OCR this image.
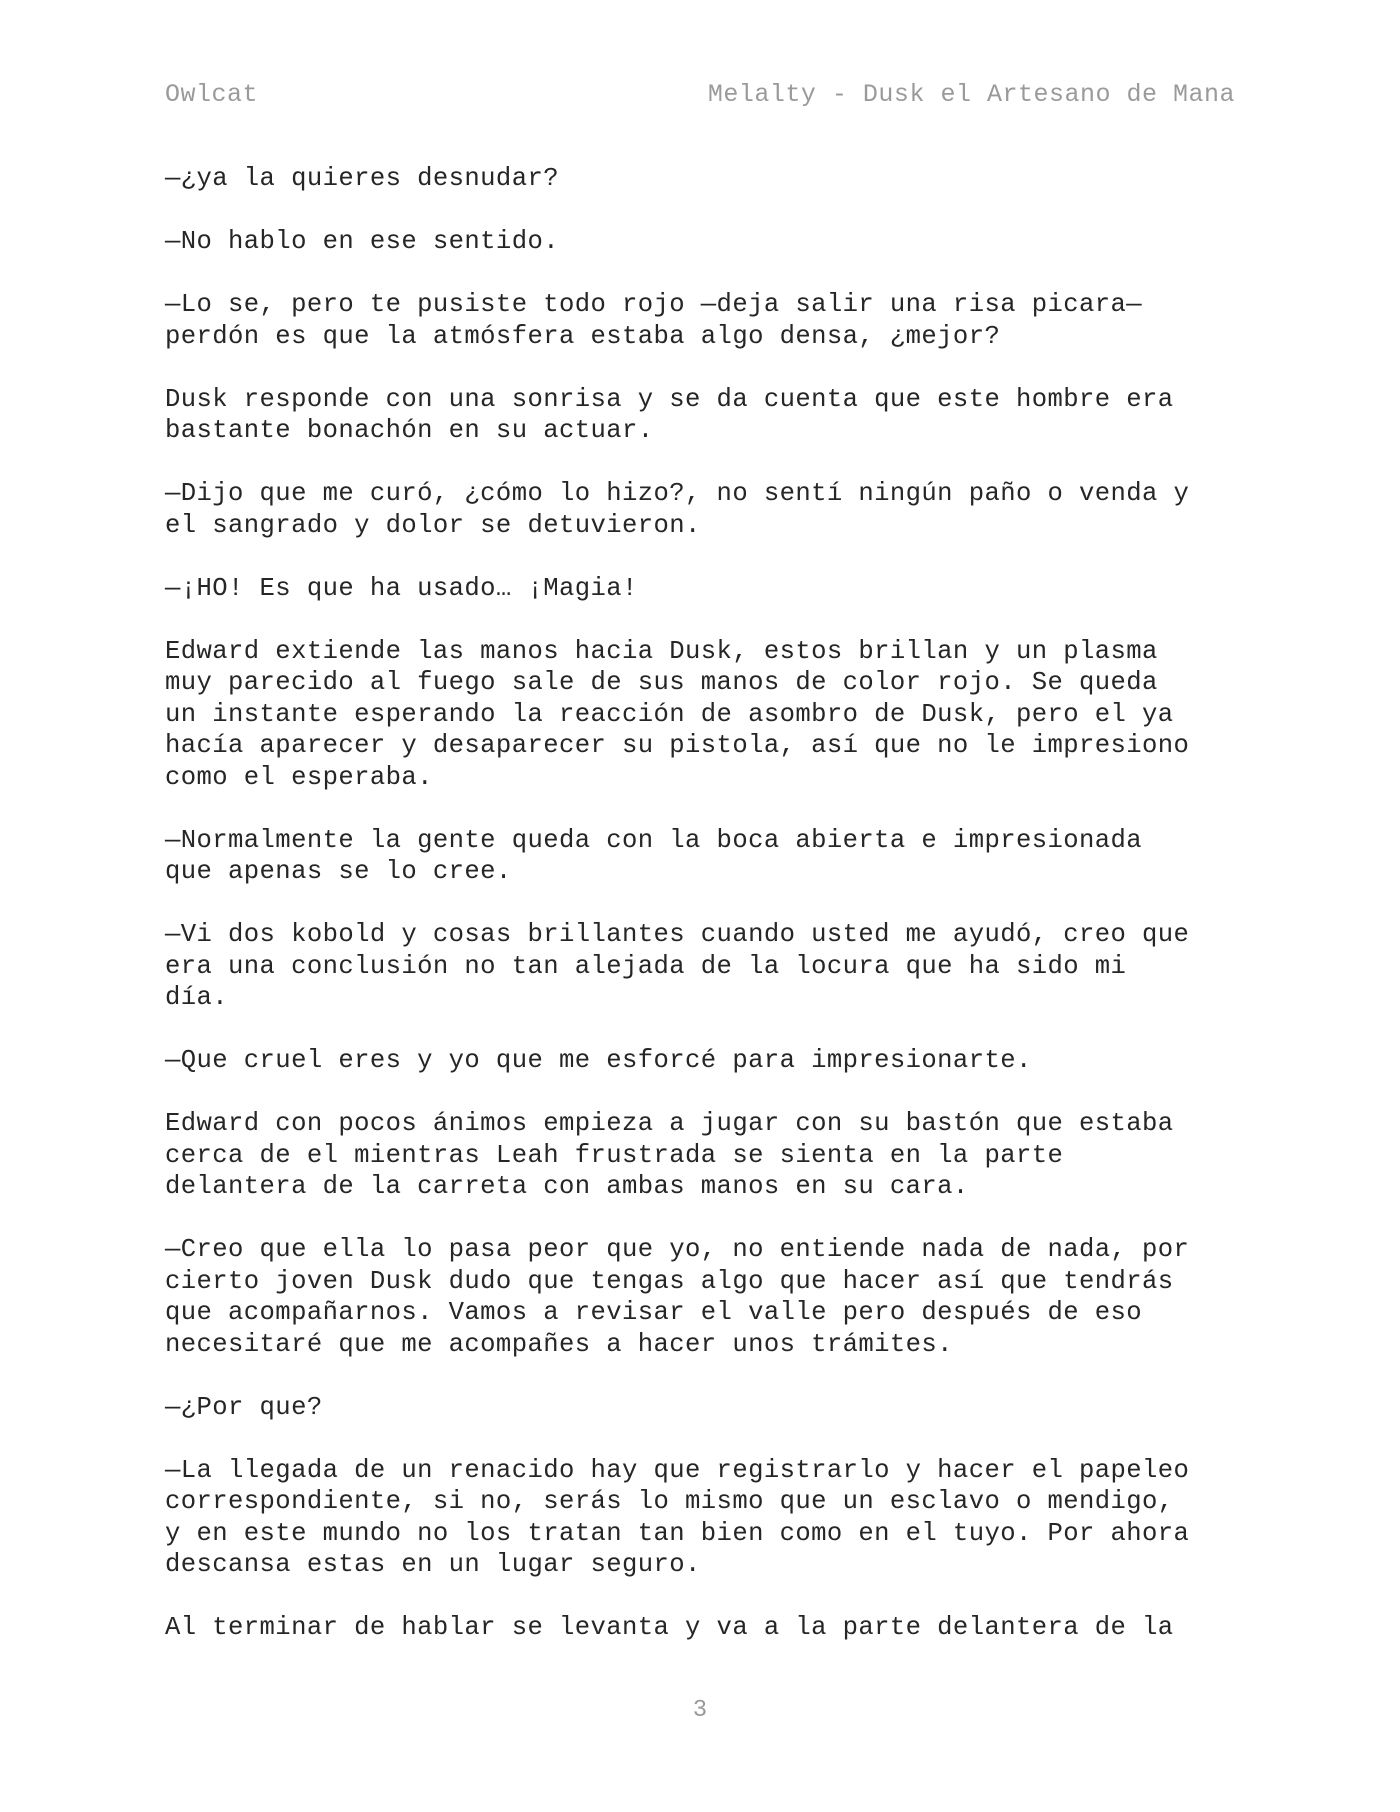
Owlcat	Melalty - Dusk el Artesano de Mana

—¿ya la quieres desnudar?

—No hablo en ese sentido.

—Lo se, pero te pusiste todo rojo —deja salir una risa picara—
perdón es que la atmósfera estaba algo densa, ¿mejor?

Dusk responde con una sonrisa y se da cuenta que este hombre era
bastante bonachón en su actuar.

—Dijo que me curó, ¿cómo lo hizo?, no sentí ningún paño o venda y
el sangrado y dolor se detuvieron.

—¡HO! Es que ha usado… ¡Magia!

Edward extiende las manos hacia Dusk, estos brillan y un plasma
muy parecido al fuego sale de sus manos de color rojo. Se queda
un instante esperando la reacción de asombro de Dusk, pero el ya
hacía aparecer y desaparecer su pistola, así que no le impresiono
como el esperaba.

—Normalmente la gente queda con la boca abierta e impresionada
que apenas se lo cree.

—Vi dos kobold y cosas brillantes cuando usted me ayudó, creo que
era una conclusión no tan alejada de la locura que ha sido mi
día.

—Que cruel eres y yo que me esforcé para impresionarte.

Edward con pocos ánimos empieza a jugar con su bastón que estaba
cerca de el mientras Leah frustrada se sienta en la parte
delantera de la carreta con ambas manos en su cara.

—Creo que ella lo pasa peor que yo, no entiende nada de nada, por
cierto joven Dusk dudo que tengas algo que hacer así que tendrás
que acompañarnos. Vamos a revisar el valle pero después de eso
necesitaré que me acompañes a hacer unos trámites.

—¿Por que?

—La llegada de un renacido hay que registrarlo y hacer el papeleo
correspondiente, si no, serás lo mismo que un esclavo o mendigo,
y en este mundo no los tratan tan bien como en el tuyo. Por ahora
descansa estas en un lugar seguro.

Al terminar de hablar se levanta y va a la parte delantera de la

3
